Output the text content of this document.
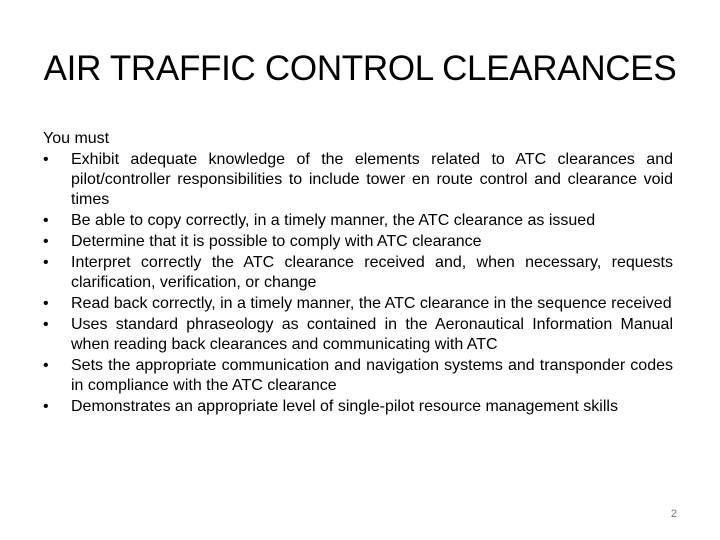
AIR TRAFFIC CONTROL CLEARANCES
You must
•	Exhibit adequate knowledge of the elements related to ATC clearances and pilot/controller responsibilities to include tower en route control and clearance void times
•	Be able to copy correctly, in a timely manner, the ATC clearance as issued
•	Determine that it is possible to comply with ATC clearance
•	Interpret correctly the ATC clearance received and, when necessary, requests clarification, verification, or change
•	Read back correctly, in a timely manner, the ATC clearance in the sequence received
•	Uses standard phraseology as contained in the Aeronautical Information Manual when reading back clearances and communicating with ATC
•	Sets the appropriate communication and navigation systems and transponder codes in compliance with the ATC clearance
•	Demonstrates an appropriate level of single-pilot resource management skills
2
